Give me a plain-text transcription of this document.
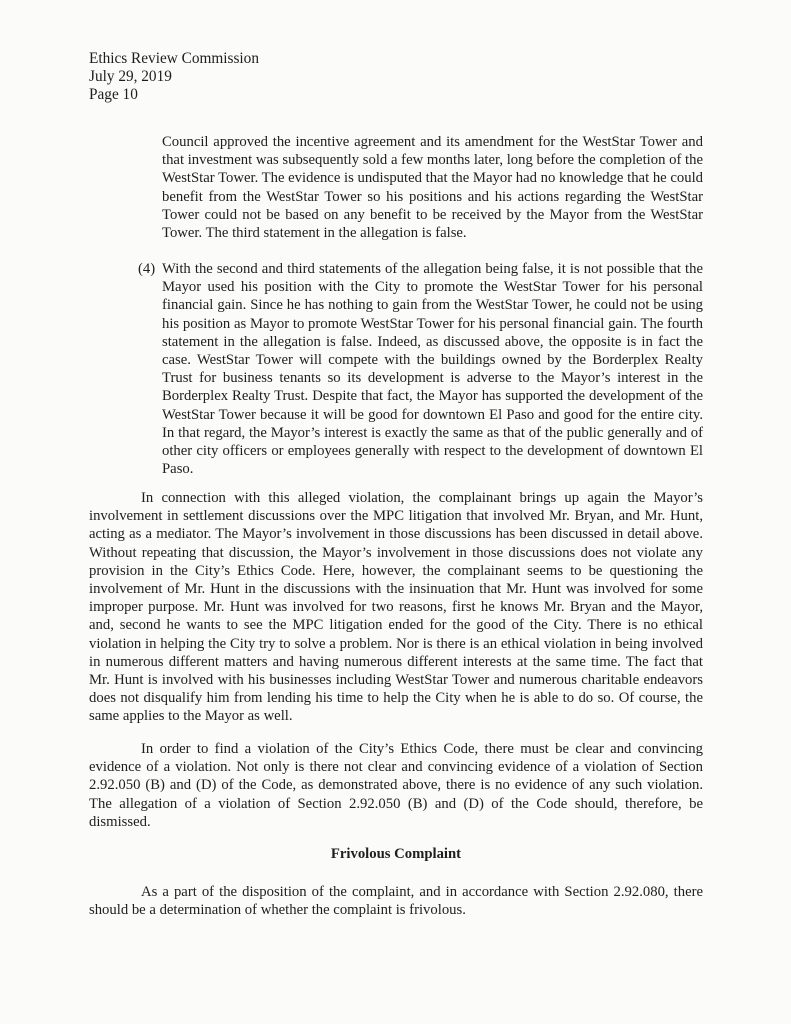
Ethics Review Commission
July 29, 2019
Page 10

Council approved the incentive agreement and its amendment for the WestStar Tower and that investment was subsequently sold a few months later, long before the completion of the WestStar Tower. The evidence is undisputed that the Mayor had no knowledge that he could benefit from the WestStar Tower so his positions and his actions regarding the WestStar Tower could not be based on any benefit to be received by the Mayor from the WestStar Tower. The third statement in the allegation is false.

(4) With the second and third statements of the allegation being false, it is not possible that the Mayor used his position with the City to promote the WestStar Tower for his personal financial gain. Since he has nothing to gain from the WestStar Tower, he could not be using his position as Mayor to promote WestStar Tower for his personal financial gain. The fourth statement in the allegation is false. Indeed, as discussed above, the opposite is in fact the case. WestStar Tower will compete with the buildings owned by the Borderplex Realty Trust for business tenants so its development is adverse to the Mayor’s interest in the Borderplex Realty Trust. Despite that fact, the Mayor has supported the development of the WestStar Tower because it will be good for downtown El Paso and good for the entire city. In that regard, the Mayor’s interest is exactly the same as that of the public generally and of other city officers or employees generally with respect to the development of downtown El Paso.

In connection with this alleged violation, the complainant brings up again the Mayor’s involvement in settlement discussions over the MPC litigation that involved Mr. Bryan, and Mr. Hunt, acting as a mediator. The Mayor’s involvement in those discussions has been discussed in detail above. Without repeating that discussion, the Mayor’s involvement in those discussions does not violate any provision in the City’s Ethics Code. Here, however, the complainant seems to be questioning the involvement of Mr. Hunt in the discussions with the insinuation that Mr. Hunt was involved for some improper purpose. Mr. Hunt was involved for two reasons, first he knows Mr. Bryan and the Mayor, and, second he wants to see the MPC litigation ended for the good of the City. There is no ethical violation in helping the City try to solve a problem. Nor is there is an ethical violation in being involved in numerous different matters and having numerous different interests at the same time. The fact that Mr. Hunt is involved with his businesses including WestStar Tower and numerous charitable endeavors does not disqualify him from lending his time to help the City when he is able to do so. Of course, the same applies to the Mayor as well.

In order to find a violation of the City’s Ethics Code, there must be clear and convincing evidence of a violation. Not only is there not clear and convincing evidence of a violation of Section 2.92.050 (B) and (D) of the Code, as demonstrated above, there is no evidence of any such violation. The allegation of a violation of Section 2.92.050 (B) and (D) of the Code should, therefore, be dismissed.

Frivolous Complaint

As a part of the disposition of the complaint, and in accordance with Section 2.92.080, there should be a determination of whether the complaint is frivolous.
